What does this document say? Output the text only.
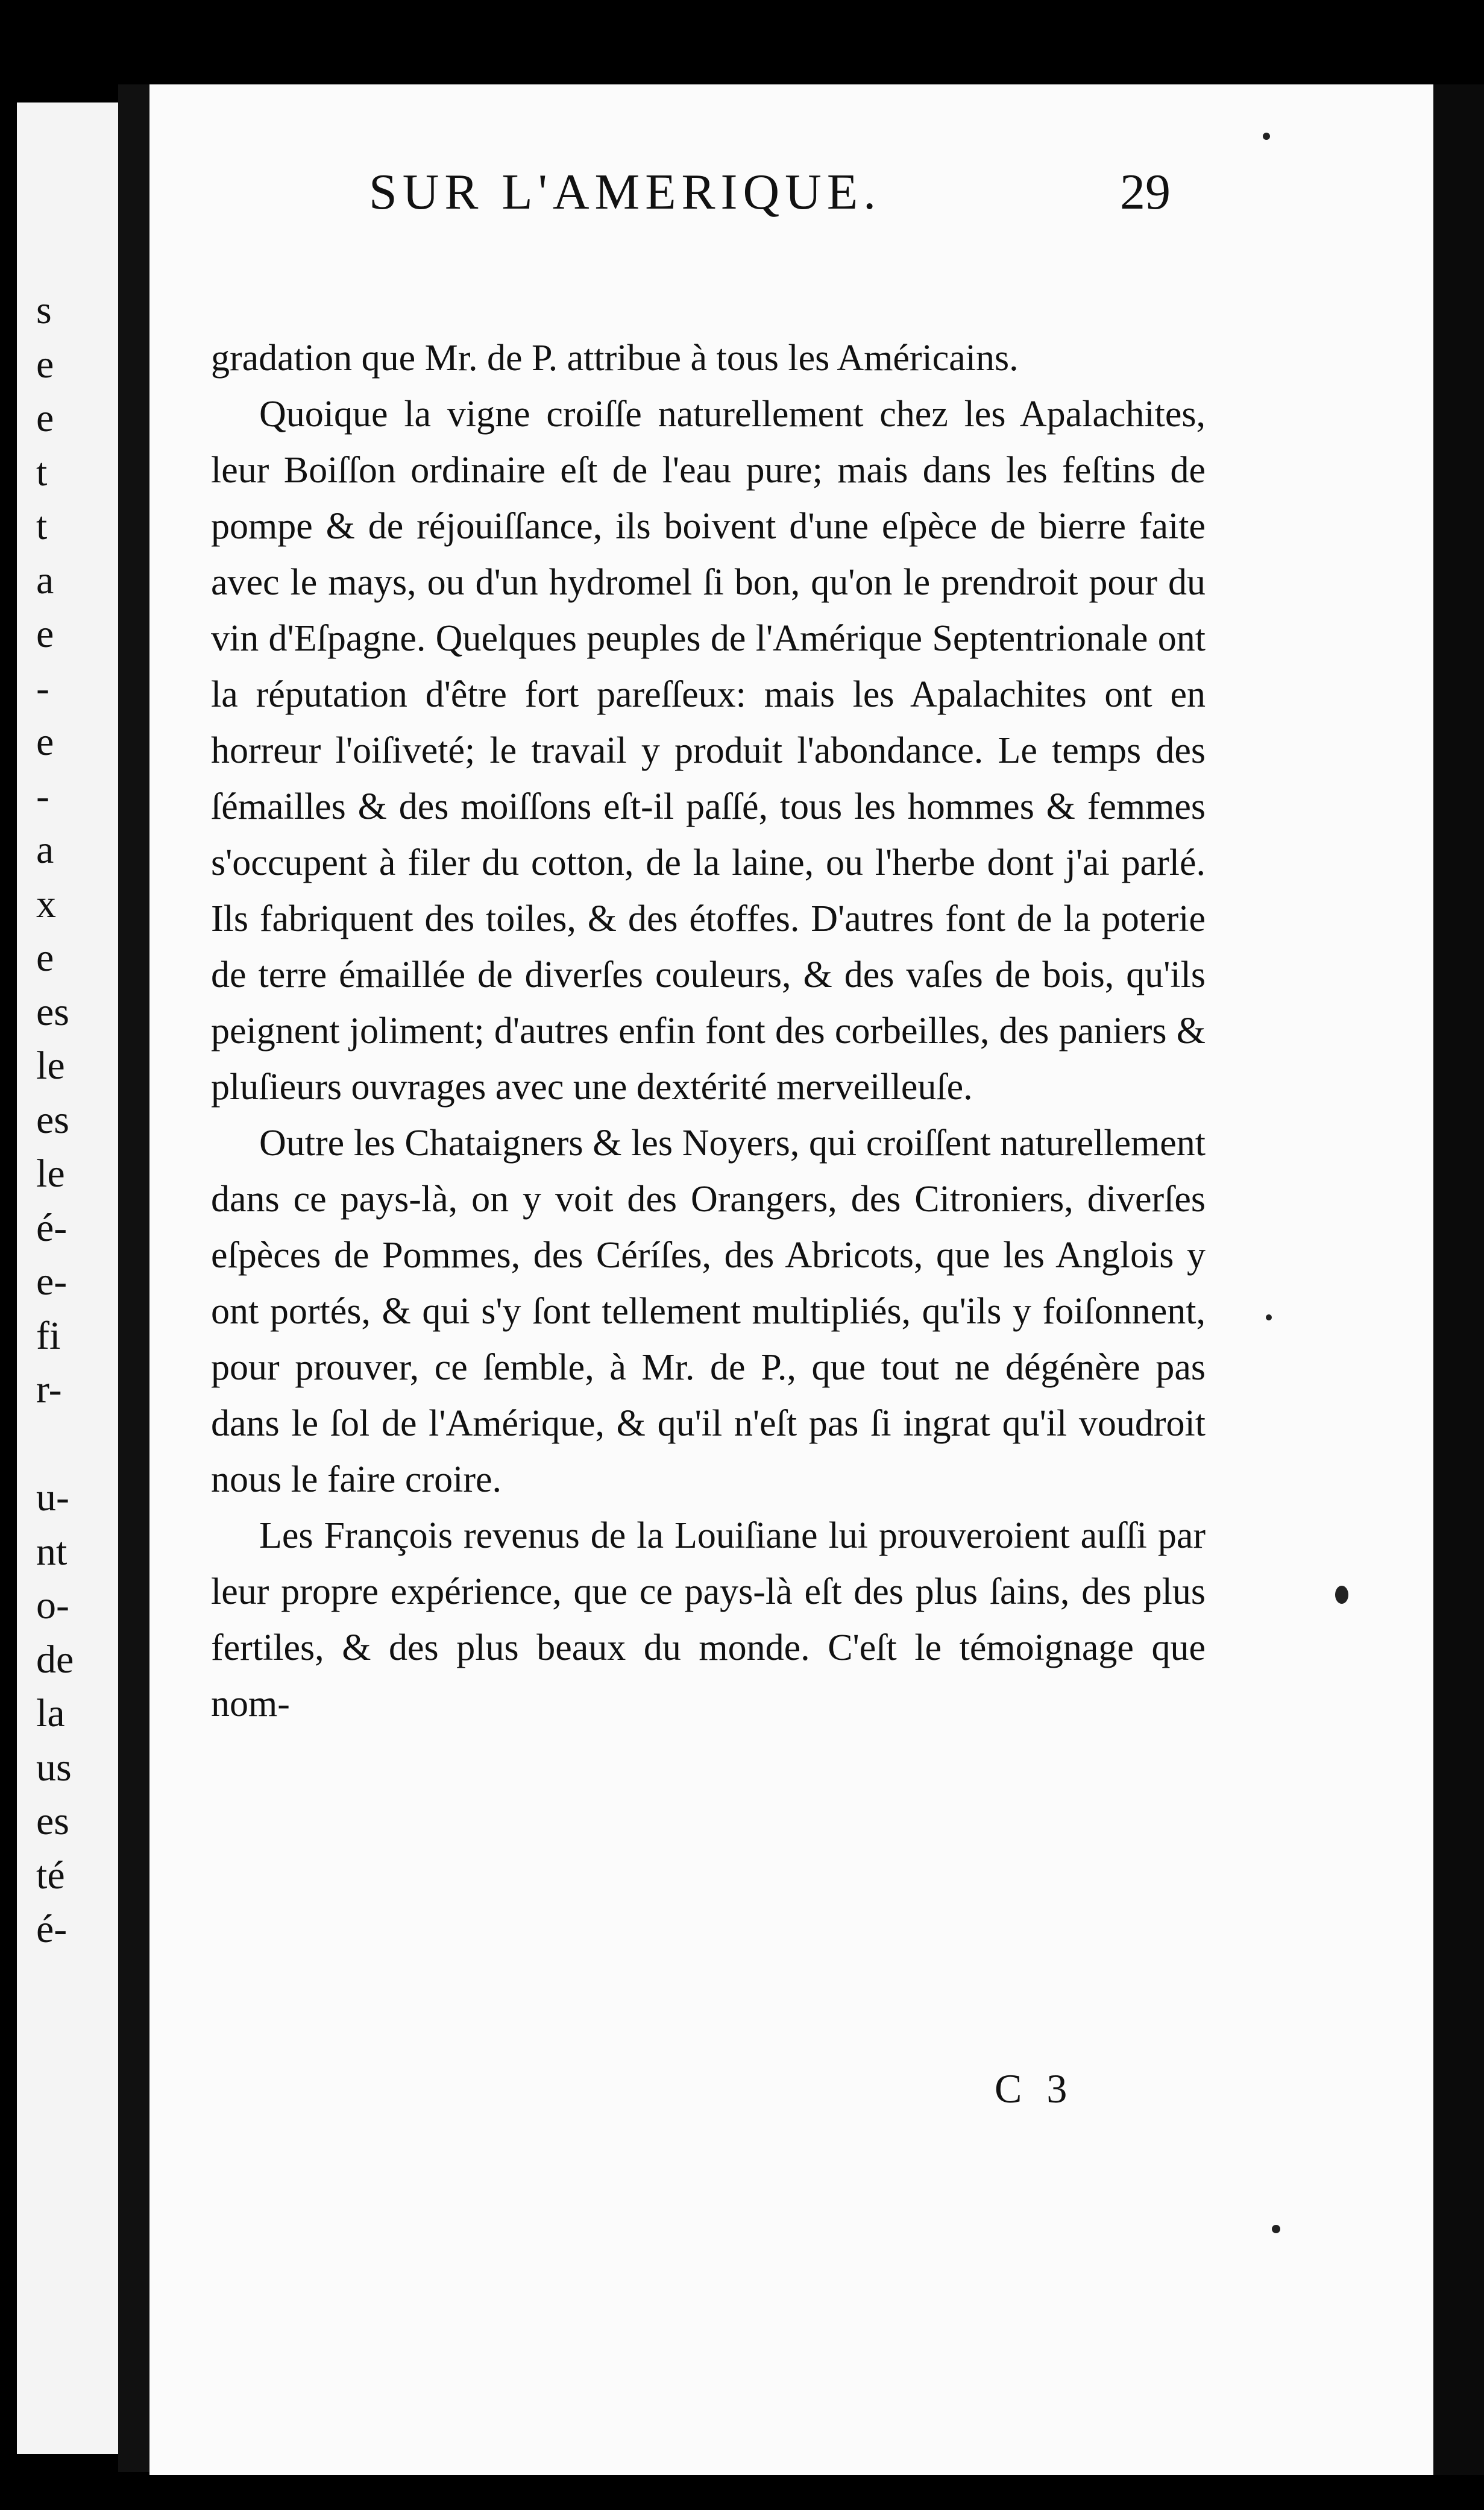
s
e
e
t
t
a
e
-
e
-
a
x
e
es
le
es
le
é-
e-
fi
r-

u-
nt
o-
de
la
us
es
té
é-
SUR L'AMERIQUE.	29

gradation que Mr. de P. attribue à tous les Américains.

Quoique la vigne croiſſe naturellement chez les Apalachites, leur Boiſſon ordinaire eſt de l'eau pure; mais dans les feſtins de pompe & de réjouiſſance, ils boivent d'une eſpèce de bierre faite avec le mays, ou d'un hydromel ſi bon, qu'on le prendroit pour du vin d'Eſpagne. Quelques peuples de l'Amérique Septentrionale ont la réputation d'être fort pareſſeux: mais les Apalachites ont en horreur l'oiſiveté; le travail y produit l'abondance. Le temps des ſémailles & des moiſſons eſt-il paſſé, tous les hommes & femmes s'occupent à filer du cotton, de la laine, ou l'herbe dont j'ai parlé. Ils fabriquent des toiles, & des étoffes. D'autres font de la poterie de terre émaillée de diverſes couleurs, & des vaſes de bois, qu'ils peignent joliment; d'autres enfin font des corbeilles, des paniers & pluſieurs ouvrages avec une dextérité merveilleuſe.

Outre les Chataigners & les Noyers, qui croiſſent naturellement dans ce pays-là, on y voit des Orangers, des Citroniers, diverſes eſpèces de Pommes, des Céríſes, des Abricots, que les Anglois y ont portés, & qui s'y ſont tellement multipliés, qu'ils y foiſonnent, pour prouver, ce ſemble, à Mr. de P., que tout ne dégénère pas dans le ſol de l'Amérique, & qu'il n'eſt pas ſi ingrat qu'il voudroit nous le faire croire.

Les François revenus de la Louiſiane lui prouveroient auſſi par leur propre expérience, que ce pays-là eſt des plus ſains, des plus fertiles, & des plus beaux du monde. C'eſt le témoignage que nom-

C 3
